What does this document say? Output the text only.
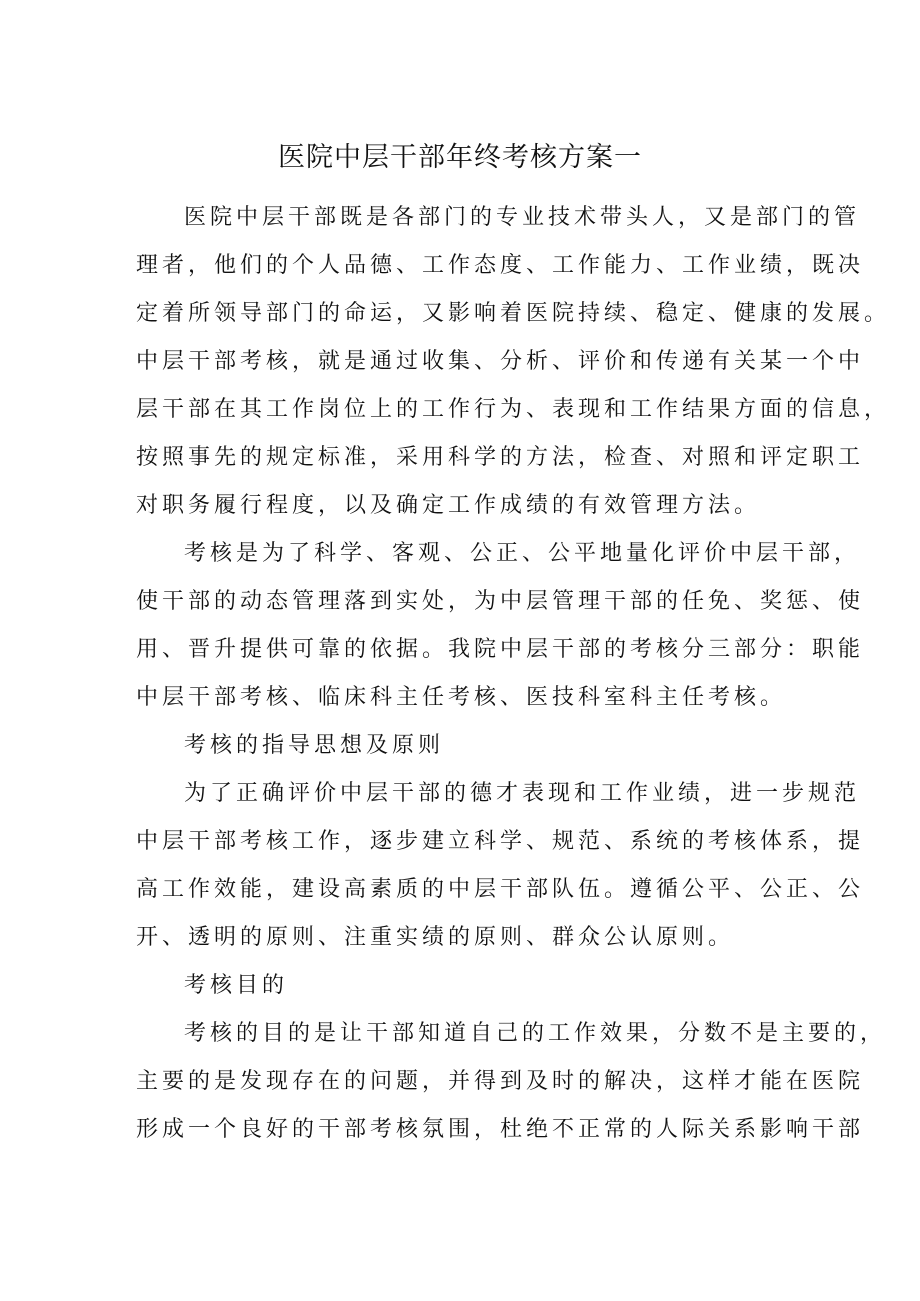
医院中层干部年终考核方案一
医院中层干部既是各部门的专业技术带头人，又是部门的管
理者，他们的个人品德、工作态度、工作能力、工作业绩，既决
定着所领导部门的命运，又影响着医院持续、稳定、健康的发展。
中层干部考核，就是通过收集、分析、评价和传递有关某一个中
层干部在其工作岗位上的工作行为、表现和工作结果方面的信息，
按照事先的规定标准，采用科学的方法，检查、对照和评定职工
对职务履行程度，以及确定工作成绩的有效管理方法。
考核是为了科学、客观、公正、公平地量化评价中层干部，
使干部的动态管理落到实处，为中层管理干部的任免、奖惩、使
用、晋升提供可靠的依据。我院中层干部的考核分三部分：职能
中层干部考核、临床科主任考核、医技科室科主任考核。
考核的指导思想及原则
为了正确评价中层干部的德才表现和工作业绩，进一步规范
中层干部考核工作，逐步建立科学、规范、系统的考核体系，提
高工作效能，建设高素质的中层干部队伍。遵循公平、公正、公
开、透明的原则、注重实绩的原则、群众公认原则。
考核目的
考核的目的是让干部知道自己的工作效果，分数不是主要的，
主要的是发现存在的问题，并得到及时的解决，这样才能在医院
形成一个良好的干部考核氛围，杜绝不正常的人际关系影响干部
